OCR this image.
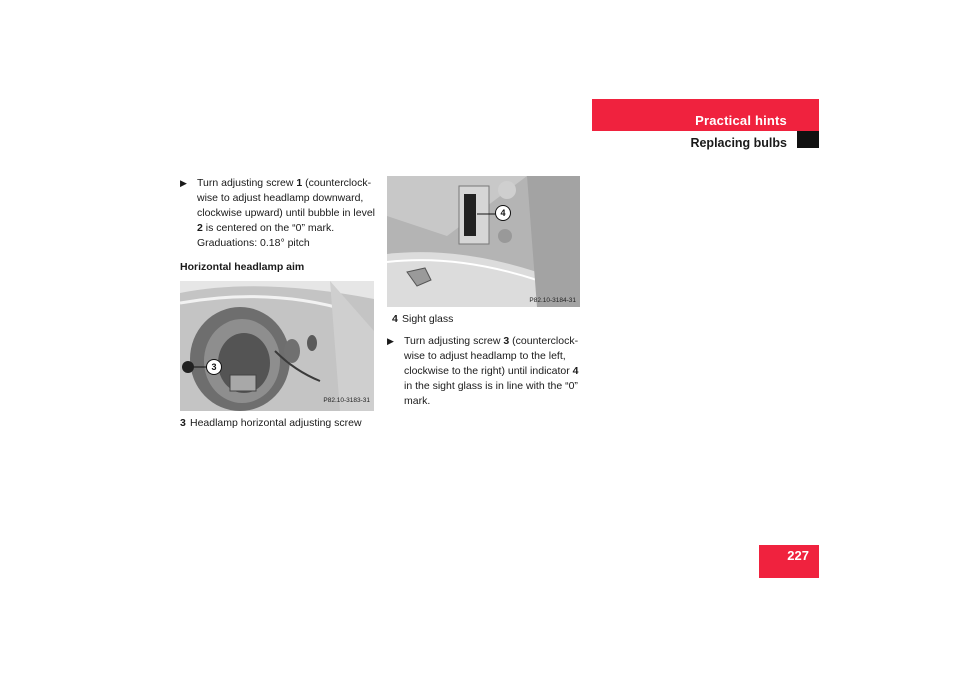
Practical hints
Replacing bulbs
▶ Turn adjusting screw 1 (counterclock-wise to adjust headlamp downward, clockwise upward) until bubble in level 2 is centered on the “0” mark. Graduations: 0.18° pitch
Horizontal headlamp aim
3
P82.10-3183-31
3 Headlamp horizontal adjusting screw
4
P82.10-3184-31
4 Sight glass
▶ Turn adjusting screw 3 (counterclock-wise to adjust headlamp to the left, clockwise to the right) until indicator 4 in the sight glass is in line with the “0” mark.
227
